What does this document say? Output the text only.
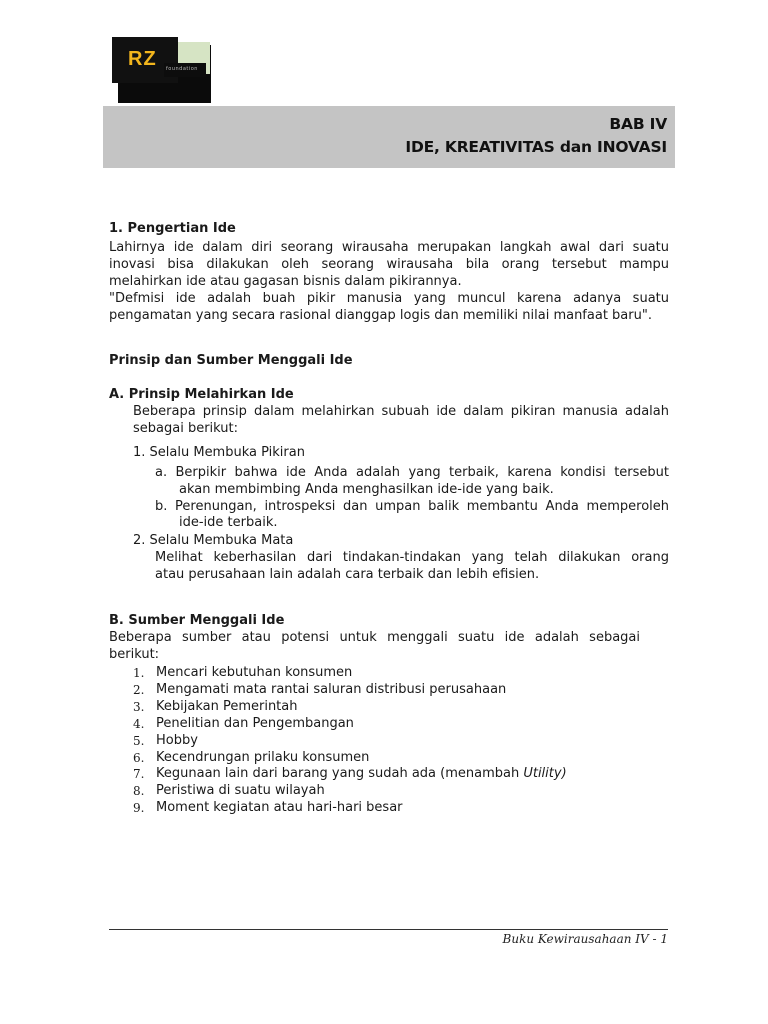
RZ foundation
BAB IV
IDE, KREATIVITAS dan INOVASI
1. Pengertian Ide
Lahirnya ide dalam diri seorang wirausaha merupakan langkah awal dari suatu
inovasi bisa dilakukan oleh seorang wirausaha bila orang tersebut mampu
melahirkan ide atau gagasan bisnis dalam pikirannya.
"Defmisi ide adalah buah pikir manusia yang muncul karena adanya suatu
pengamatan yang secara rasional dianggap logis dan memiliki nilai manfaat baru".
Prinsip dan Sumber Menggali Ide
A. Prinsip Melahirkan Ide
Beberapa prinsip dalam melahirkan subuah ide dalam pikiran manusia adalah
sebagai berikut:
1. Selalu Membuka Pikiran
a. Berpikir bahwa ide Anda adalah yang terbaik, karena kondisi tersebut
akan membimbing Anda menghasilkan ide-ide yang baik.
b. Perenungan, introspeksi dan umpan balik membantu Anda memperoleh
ide-ide terbaik.
2. Selalu Membuka Mata
Melihat keberhasilan dari tindakan-tindakan yang telah dilakukan orang
atau perusahaan lain adalah cara terbaik dan lebih efisien.
B. Sumber Menggali Ide
Beberapa sumber atau potensi untuk menggali suatu ide adalah sebagai
berikut:
1. Mencari kebutuhan konsumen
2. Mengamati mata rantai saluran distribusi perusahaan
3. Kebijakan Pemerintah
4. Penelitian dan Pengembangan
5. Hobby
6. Kecendrungan prilaku konsumen
7. Kegunaan lain dari barang yang sudah ada (menambah Utility)
8. Peristiwa di suatu wilayah
9. Moment kegiatan atau hari-hari besar
Buku Kewirausahaan IV - 1
